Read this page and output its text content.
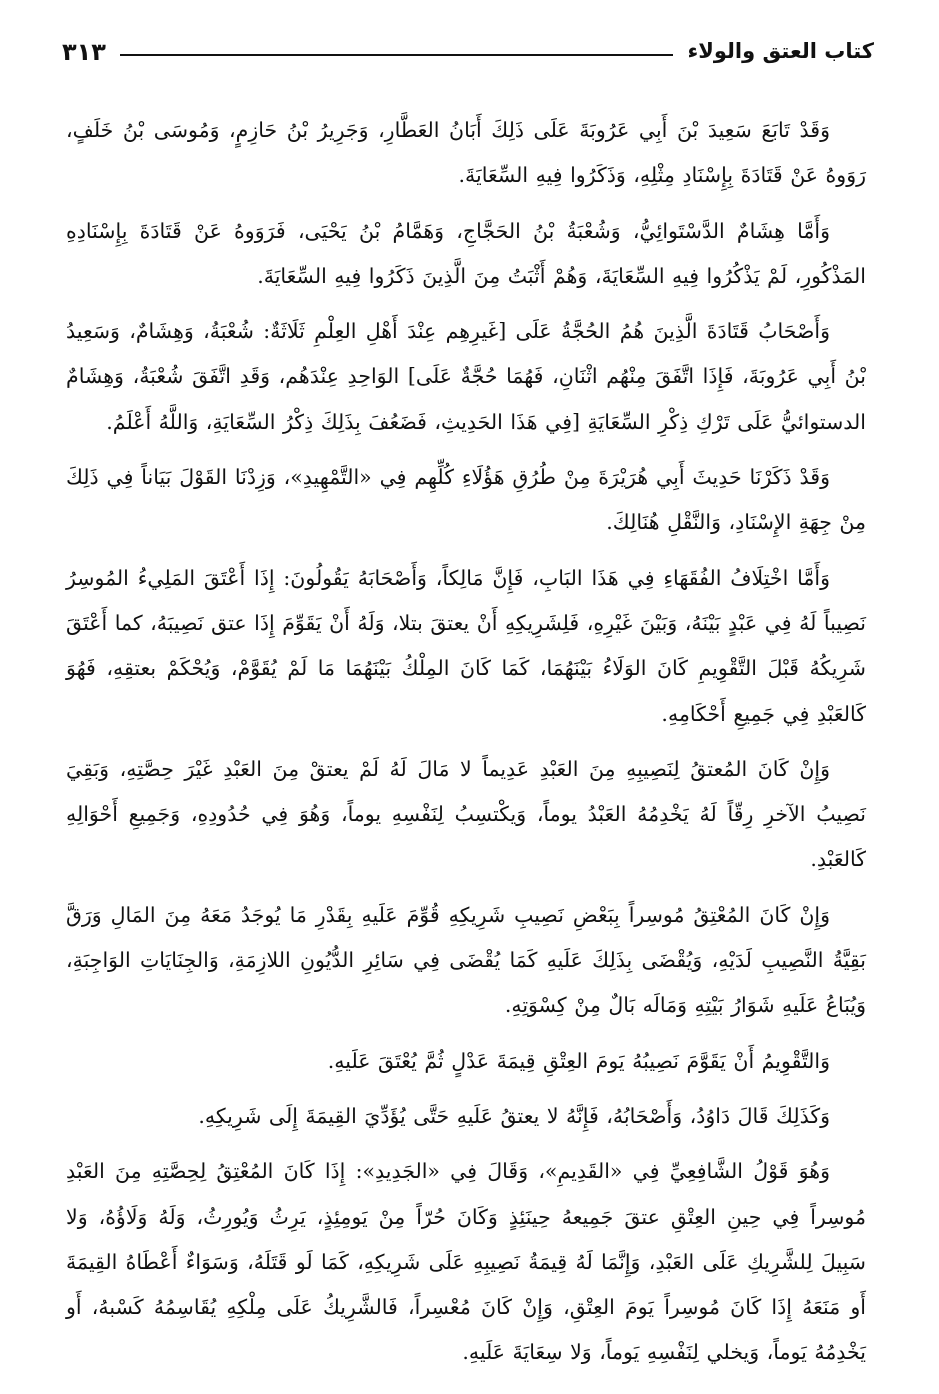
كتاب العتق والولاء
٣١٣

وَقَدْ تَابَعَ سَعِيدَ بْنَ أَبِي عَرُوبَةَ عَلَى ذَلِكَ أَبَانُ العَطَّارِ، وَجَرِيرُ بْنُ حَازِمٍ، وَمُوسَى بْنُ خَلَفٍ، رَوَوهُ عَنْ قَتَادَةَ بِإِسْنَادِ مِثْلِهِ، وَذَكَرُوا فِيهِ السِّعَايَةَ.

وَأَمَّا هِشَامٌ الدَّسْتَوائِيُّ، وَشُعْبَةُ بْنُ الحَجَّاجِ، وَهَمَّامُ بْنُ يَحْيَى، فَرَوَوهُ عَنْ قَتَادَةَ بِإِسْنَادِهِ المَذْكُورِ، لَمْ يَذْكُرُوا فِيهِ السِّعَايَةَ، وَهُمْ أَثْبَتُ مِنَ الَّذِينَ ذَكَرُوا فِيهِ السِّعَايَةَ.

وَأَصْحَابُ قَتَادَةَ الَّذِينَ هُمُ الحُجَّةُ عَلَى [غَيرِهِم عِنْدَ أَهْلِ العِلْمِ ثَلَاثَةٌ: شُعْبَةُ، وَهِشَامٌ، وَسَعِيدُ بْنُ أَبِي عَرُوبَةَ، فَإِذَا اتَّفَقَ مِنْهُم اثْنَانِ، فَهُمَا حُجَّةٌ عَلَى] الوَاحِدِ عِنْدَهُم، وَقَدِ اتَّفَقَ شُعْبَةُ، وَهِشَامٌ الدستوائيُّ عَلَى تَرْكِ ذِكْرِ السِّعَايَةِ [فِي هَذَا الحَدِيثِ، فَضَعُفَ بِذَلِكَ ذِكْرُ السِّعَايَةِ، وَاللَّهُ أَعْلَمُ.

وَقَدْ ذَكَرْنَا حَدِيثَ أَبِي هُرَيْرَةَ مِنْ طُرُقِ هَؤُلَاءِ كُلِّهِم فِي «التَّمْهِيدِ»، وَزِدْنَا القَوْلَ بَيَاناً فِي ذَلِكَ مِنْ جِهَةِ الإِسْنَادِ، وَالنَّقْلِ هُنَالِكَ.

وَأَمَّا اخْتِلَافُ الفُقَهَاءِ فِي هَذَا البَابِ، فَإِنَّ مَالِكاً، وَأَصْحَابَهُ يَقُولُونَ: إِذَا أَعْتَقَ المَلِيءُ المُوسِرُ نَصِيباً لَهُ فِي عَبْدٍ بَيْنَهُ، وَبَيْنَ غَيْرِهِ، فَلِشَرِيكِهِ أَنْ يعتقَ بتلا، وَلَهُ أَنْ يَقَوِّمَ إِذَا عتق نَصِيبَهُ، كما أَعْتَقَ شَرِيكُهُ قَبْلَ التَّقْوِيمِ كَانَ الوَلَاءُ بَيْنَهُمَا، كَمَا كَانَ المِلْكُ بَيْنَهُمَا مَا لَمْ يُقَوَّمْ، وَيُحْكَمْ بعتقِهِ، فَهُوَ كَالعَبْدِ فِي جَمِيعِ أَحْكَامِهِ.

وَإِنْ كَانَ المُعتقُ لِنَصِيبِهِ مِنَ العَبْدِ عَدِيماً لا مَالَ لَهُ لَمْ يعتقْ مِنَ العَبْدِ غَيْرَ حِصَّتِهِ، وَبَقِيَ نَصِيبُ الآخرِ رِقّاً لَهُ يَخْدِمُهُ العَبْدُ يوماً، وَيكْتسِبُ لِنَفْسِهِ يوماً، وَهُوَ فِي حُدُودِهِ، وَجَمِيعِ أَحْوَالِهِ كَالعَبْدِ.

وَإِنْ كَانَ المُعْتِقُ مُوسِراً بِبَعْضِ نَصِيبِ شَرِيكِهِ قُوِّمَ عَلَيهِ بِقَدْرِ مَا يُوجَدُ مَعَهُ مِنَ المَالِ وَرَقَّ بَقِيَّةُ النَّصِيبِ لَدَيْهِ، وَيُقْضَى بِذَلِكَ عَلَيهِ كَمَا يُقْضَى فِي سَائِرِ الدُّيُونِ اللازِمَةِ، وَالجِنَايَاتِ الوَاجِبَةِ، وَيُبَاعُ عَلَيهِ شَوَارُ بَيْتِهِ وَمَالَه بَالٌ مِنْ كِسْوَتِهِ.

وَالتَّقْوِيمُ أَنْ يَقَوَّمَ نَصِيبُهُ يَومَ العِتْقِ قِيمَةَ عَدْلٍ ثُمَّ يُعْتَقَ عَلَيهِ.

وَكَذَلِكَ قَالَ دَاوُدُ، وَأَصْحَابُهُ، فَإِنَّهُ لا يعتقُ عَلَيهِ حَتَّى يُؤَدِّيَ القِيمَةَ إِلَى شَرِيكِهِ.

وَهُوَ قَوْلُ الشَّافِعِيِّ فِي «القَدِيمِ»، وَقَالَ فِي «الجَدِيدِ»: إِذَا كَانَ المُعْتِقُ لِحِصَّتِهِ مِنَ العَبْدِ مُوسِراً فِي حِينِ العِتْقِ عتقَ جَمِيعهُ حِينَئِذٍ وَكَانَ حُرّاً مِنْ يَومِئِذٍ، يَرِثُ وَيُورِثُ، وَلَهُ وَلَاؤُهُ، وَلا سَبِيلَ لِلشَّرِيكِ عَلَى العَبْدِ، وَإِنَّمَا لَهُ قِيمَةُ نَصِيبِهِ عَلَى شَرِيكِهِ، كَمَا لَو قَتَلَهُ، وَسَوَاءٌ أَعْطَاهُ القِيمَةَ أَو مَنَعَهُ إِذَا كَانَ مُوسِراً يَومَ العِتْقِ، وَإِنْ كَانَ مُعْسِراً، فَالشَّرِيكُ عَلَى مِلْكِهِ يُقَاسِمُهُ كَسْبهُ، أَو يَخْدِمُهُ يَوماً، وَيخلي لِنَفْسِهِ يَوماً، وَلا سِعَايَةَ عَلَيهِ.
